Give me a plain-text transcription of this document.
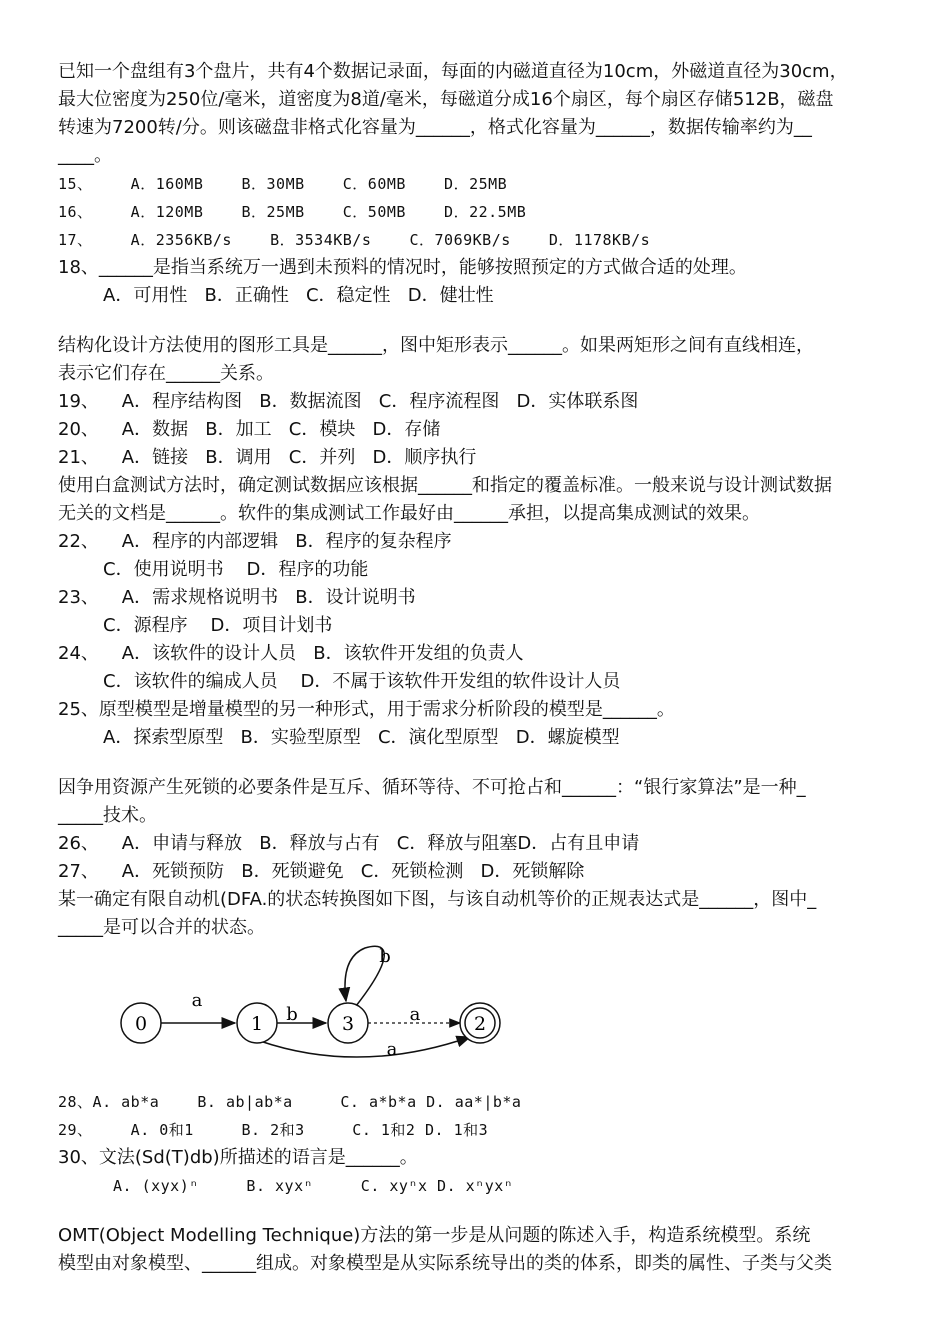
已知一个盘组有3个盘片，共有4个数据记录面，每面的内磁道直径为10cm，外磁道直径为30cm，
最大位密度为250位/毫米，道密度为8道/毫米，每磁道分成16个扇区，每个扇区存储512B，磁盘
转速为7200转/分。则该磁盘非格式化容量为______，格式化容量为______，数据传输率约为__
____。
15、    A．160MB    B．30MB    C．60MB    D．25MB
16、    A．120MB    B．25MB    C．50MB    D．22.5MB
17、    A．2356KB/s    B．3534KB/s    C．7069KB/s    D．1178KB/s
18、______是指当系统万一遇到未预料的情况时，能够按照预定的方式做合适的处理。
A．可用性   B．正确性   C．稳定性   D．健壮性
结构化设计方法使用的图形工具是______，图中矩形表示______。如果两矩形之间有直线相连，
表示它们存在______关系。
19、    A．程序结构图   B．数据流图   C．程序流程图   D．实体联系图
20、    A．数据   B．加工   C．模块   D．存储
21、    A．链接   B．调用   C．并列   D．顺序执行
使用白盒测试方法时，确定测试数据应该根据______和指定的覆盖标准。一般来说与设计测试数据
无关的文档是______。软件的集成测试工作最好由______承担，以提高集成测试的效果。
22、    A．程序的内部逻辑   B．程序的复杂程序
C．使用说明书    D．程序的功能
23、    A．需求规格说明书   B．设计说明书
C．源程序    D．项目计划书
24、    A．该软件的设计人员   B．该软件开发组的负责人
C．该软件的编成人员    D．不属于该软件开发组的软件设计人员
25、原型模型是增量模型的另一种形式，用于需求分析阶段的模型是______。
A．探索型原型   B．实验型原型   C．演化型原型   D．螺旋模型
因争用资源产生死锁的必要条件是互斥、循环等待、不可抢占和______：“银行家算法”是一种_
_____技术。
26、    A．申请与释放   B．释放与占有   C．释放与阻塞D．占有且申请
27、    A．死锁预防   B．死锁避免   C．死锁检测   D．死锁解除
某一确定有限自动机(DFA.的状态转换图如下图，与该自动机等价的正规表达式是______，图中_
_____是可以合并的状态。
0	1	3	2
a
b	a
a
b
28、A. ab*a    B. ab|ab*a     C. a*b*a D. aa*|b*a
29、    A. 0和1     B. 2和3     C. 1和2 D. 1和3
30、文法(Sd(T)db)所描述的语言是______。
A. (xyx)ⁿ     B. xyxⁿ     C. xyⁿx D. xⁿyxⁿ
OMT(Object Modelling Technique)方法的第一步是从问题的陈述入手，构造系统模型。系统
模型由对象模型、______组成。对象模型是从实际系统导出的类的体系，即类的属性、子类与父类
